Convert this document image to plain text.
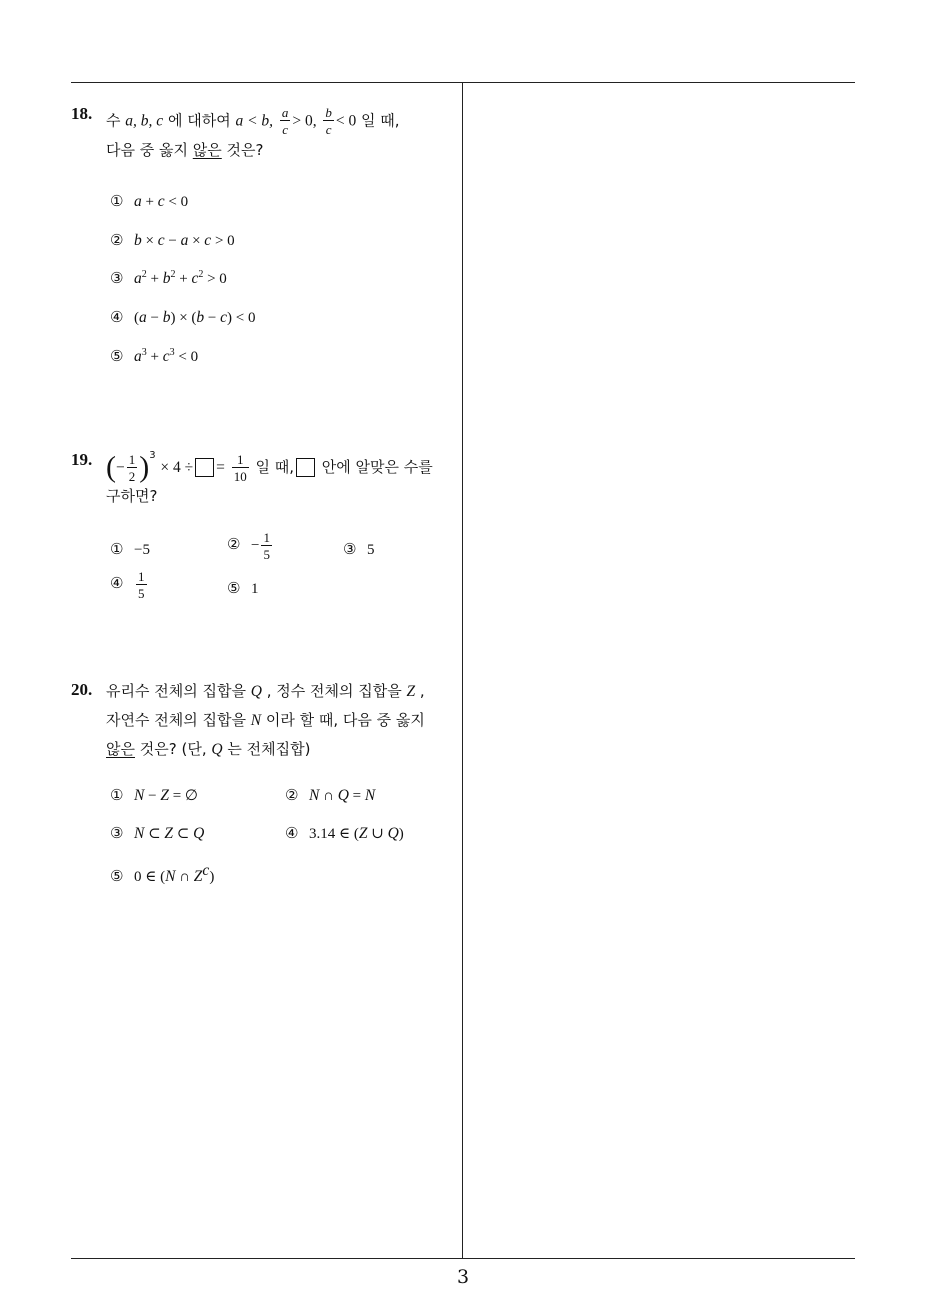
18. 수 a, b, c 에 대하여 a < b, $\frac{a}{c} > 0$, $\frac{b}{c} < 0$ 일 때,
다음 중 옳지 않은 것은?
① a + c < 0
② b × c − a × c > 0
③ $a^2 + b^2 + c^2 > 0$
④ (a − b) × (b − c) < 0
⑤ $a^3 + c^3 < 0$
19. (− $\frac{1}{2} )^3 \times 4$ ÷ = $\frac{1}{10}$ 일 때, 안에 알맞은 수를
구하면?
① −5	② − $\frac{1}{5}$	③ 5
④ $\frac{1}{5}$	⑤ 1
20. 유리수 전체의 집합을 Q , 정수 전체의 집합을 Z ,
자연수 전체의 집합을 N 이라 할 때, 다음 중 옳지
않은 것은? (단, Q 는 전체집합)
① N − Z = ∅	② N ∩ Q = N
③ N ⊂ Z ⊂ Q	④ 3.14 ∈ (Z ∪ Q)
⑤ 0 ∈ (N ∩ $Z^c$)
3
